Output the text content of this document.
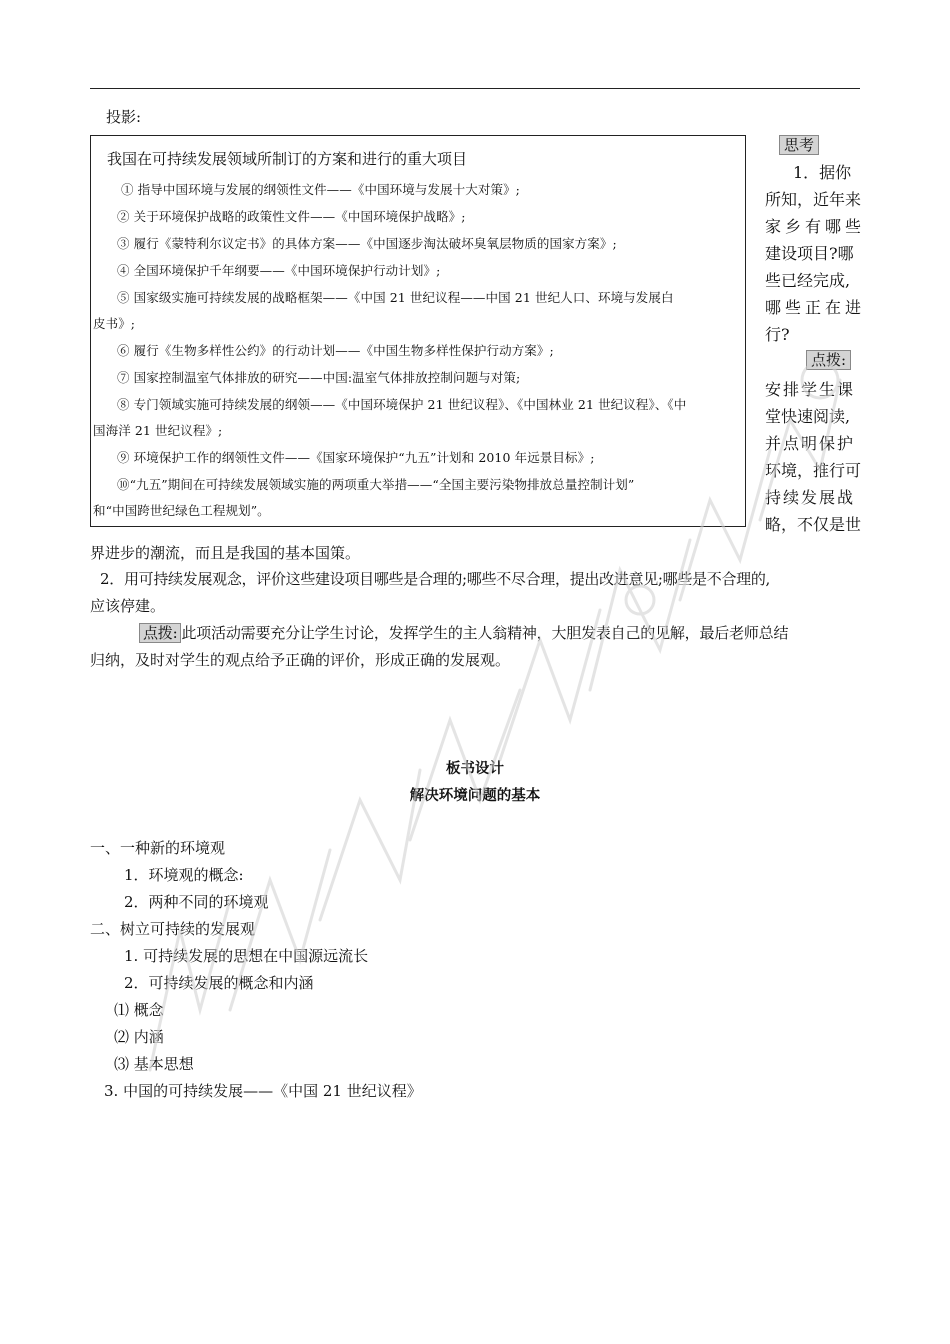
投影:
我国在可持续发展领域所制订的方案和进行的重大项目
① 指导中国环境与发展的纲领性文件——《中国环境与发展十大对策》;
② 关于环境保护战略的政策性文件——《中国环境保护战略》;
③ 履行《蒙特利尔议定书》的具体方案——《中国逐步淘汰破坏臭氧层物质的国家方案》;
④ 全国环境保护千年纲要——《中国环境保护行动计划》;
⑤ 国家级实施可持续发展的战略框架——《中国 21 世纪议程——中国 21 世纪人口、环境与发展白
皮书》;
⑥ 履行《生物多样性公约》的行动计划——《中国生物多样性保护行动方案》;
⑦ 国家控制温室气体排放的研究——中国:温室气体排放控制问题与对策;
⑧ 专门领域实施可持续发展的纲领——《中国环境保护 21 世纪议程》、《中国林业 21 世纪议程》、《中
国海洋 21 世纪议程》;
⑨ 环境保护工作的纲领性文件——《国家环境保护“九五”计划和 2010 年远景目标》;
⑩“九五”期间在可持续发展领域实施的两项重大举措——“全国主要污染物排放总量控制计划”
和“中国跨世纪绿色工程规划”。
思考
1．据你
所知，近年来
家乡有哪些
建设项目?哪
些已经完成,
哪些正在进
行?
点拨:
安排学生课
堂快速阅读,
并点明保护
环境，推行可
持续发展战
略，不仅是世
界进步的潮流，而且是我国的基本国策。
2．用可持续发展观念，评价这些建设项目哪些是合理的;哪些不尽合理，提出改进意见;哪些是不合理的,
应该停建。
点拨: 此项活动需要充分让学生讨论，发挥学生的主人翁精神，大胆发表自己的见解，最后老师总结
归纳，及时对学生的观点给予正确的评价，形成正确的发展观。
板书设计
解决环境问题的基本
一、一种新的环境观
1．环境观的概念:
2．两种不同的环境观
二、树立可持续的发展观
1. 可持续发展的思想在中国源远流长
2．可持续发展的概念和内涵
⑴ 概念
⑵ 内涵
⑶ 基本思想
3. 中国的可持续发展——《中国 21 世纪议程》
